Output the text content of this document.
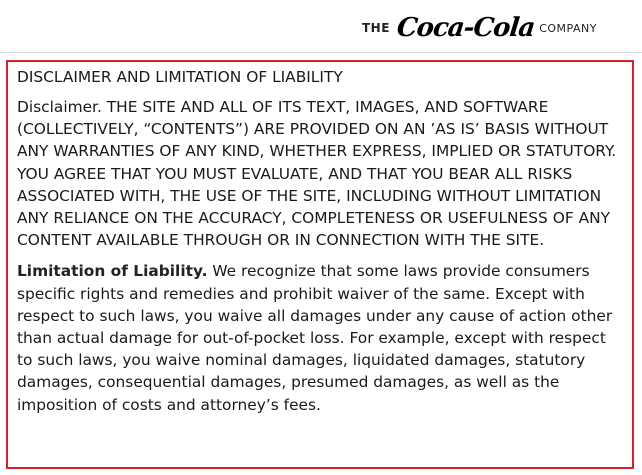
THE Coca-Cola COMPANY
DISCLAIMER AND LIMITATION OF LIABILITY
Disclaimer. THE SITE AND ALL OF ITS TEXT, IMAGES, AND SOFTWARE (COLLECTIVELY, “CONTENTS”) ARE PROVIDED ON AN ’AS IS’ BASIS WITHOUT ANY WARRANTIES OF ANY KIND, WHETHER EXPRESS, IMPLIED OR STATUTORY. YOU AGREE THAT YOU MUST EVALUATE, AND THAT YOU BEAR ALL RISKS ASSOCIATED WITH, THE USE OF THE SITE, INCLUDING WITHOUT LIMITATION ANY RELIANCE ON THE ACCURACY, COMPLETENESS OR USEFULNESS OF ANY CONTENT AVAILABLE THROUGH OR IN CONNECTION WITH THE SITE.
Limitation of Liability. We recognize that some laws provide consumers specific rights and remedies and prohibit waiver of the same. Except with respect to such laws, you waive all damages under any cause of action other than actual damage for out-of-pocket loss. For example, except with respect to such laws, you waive nominal damages, liquidated damages, statutory damages, consequential damages, presumed damages, as well as the imposition of costs and attorney’s fees.
